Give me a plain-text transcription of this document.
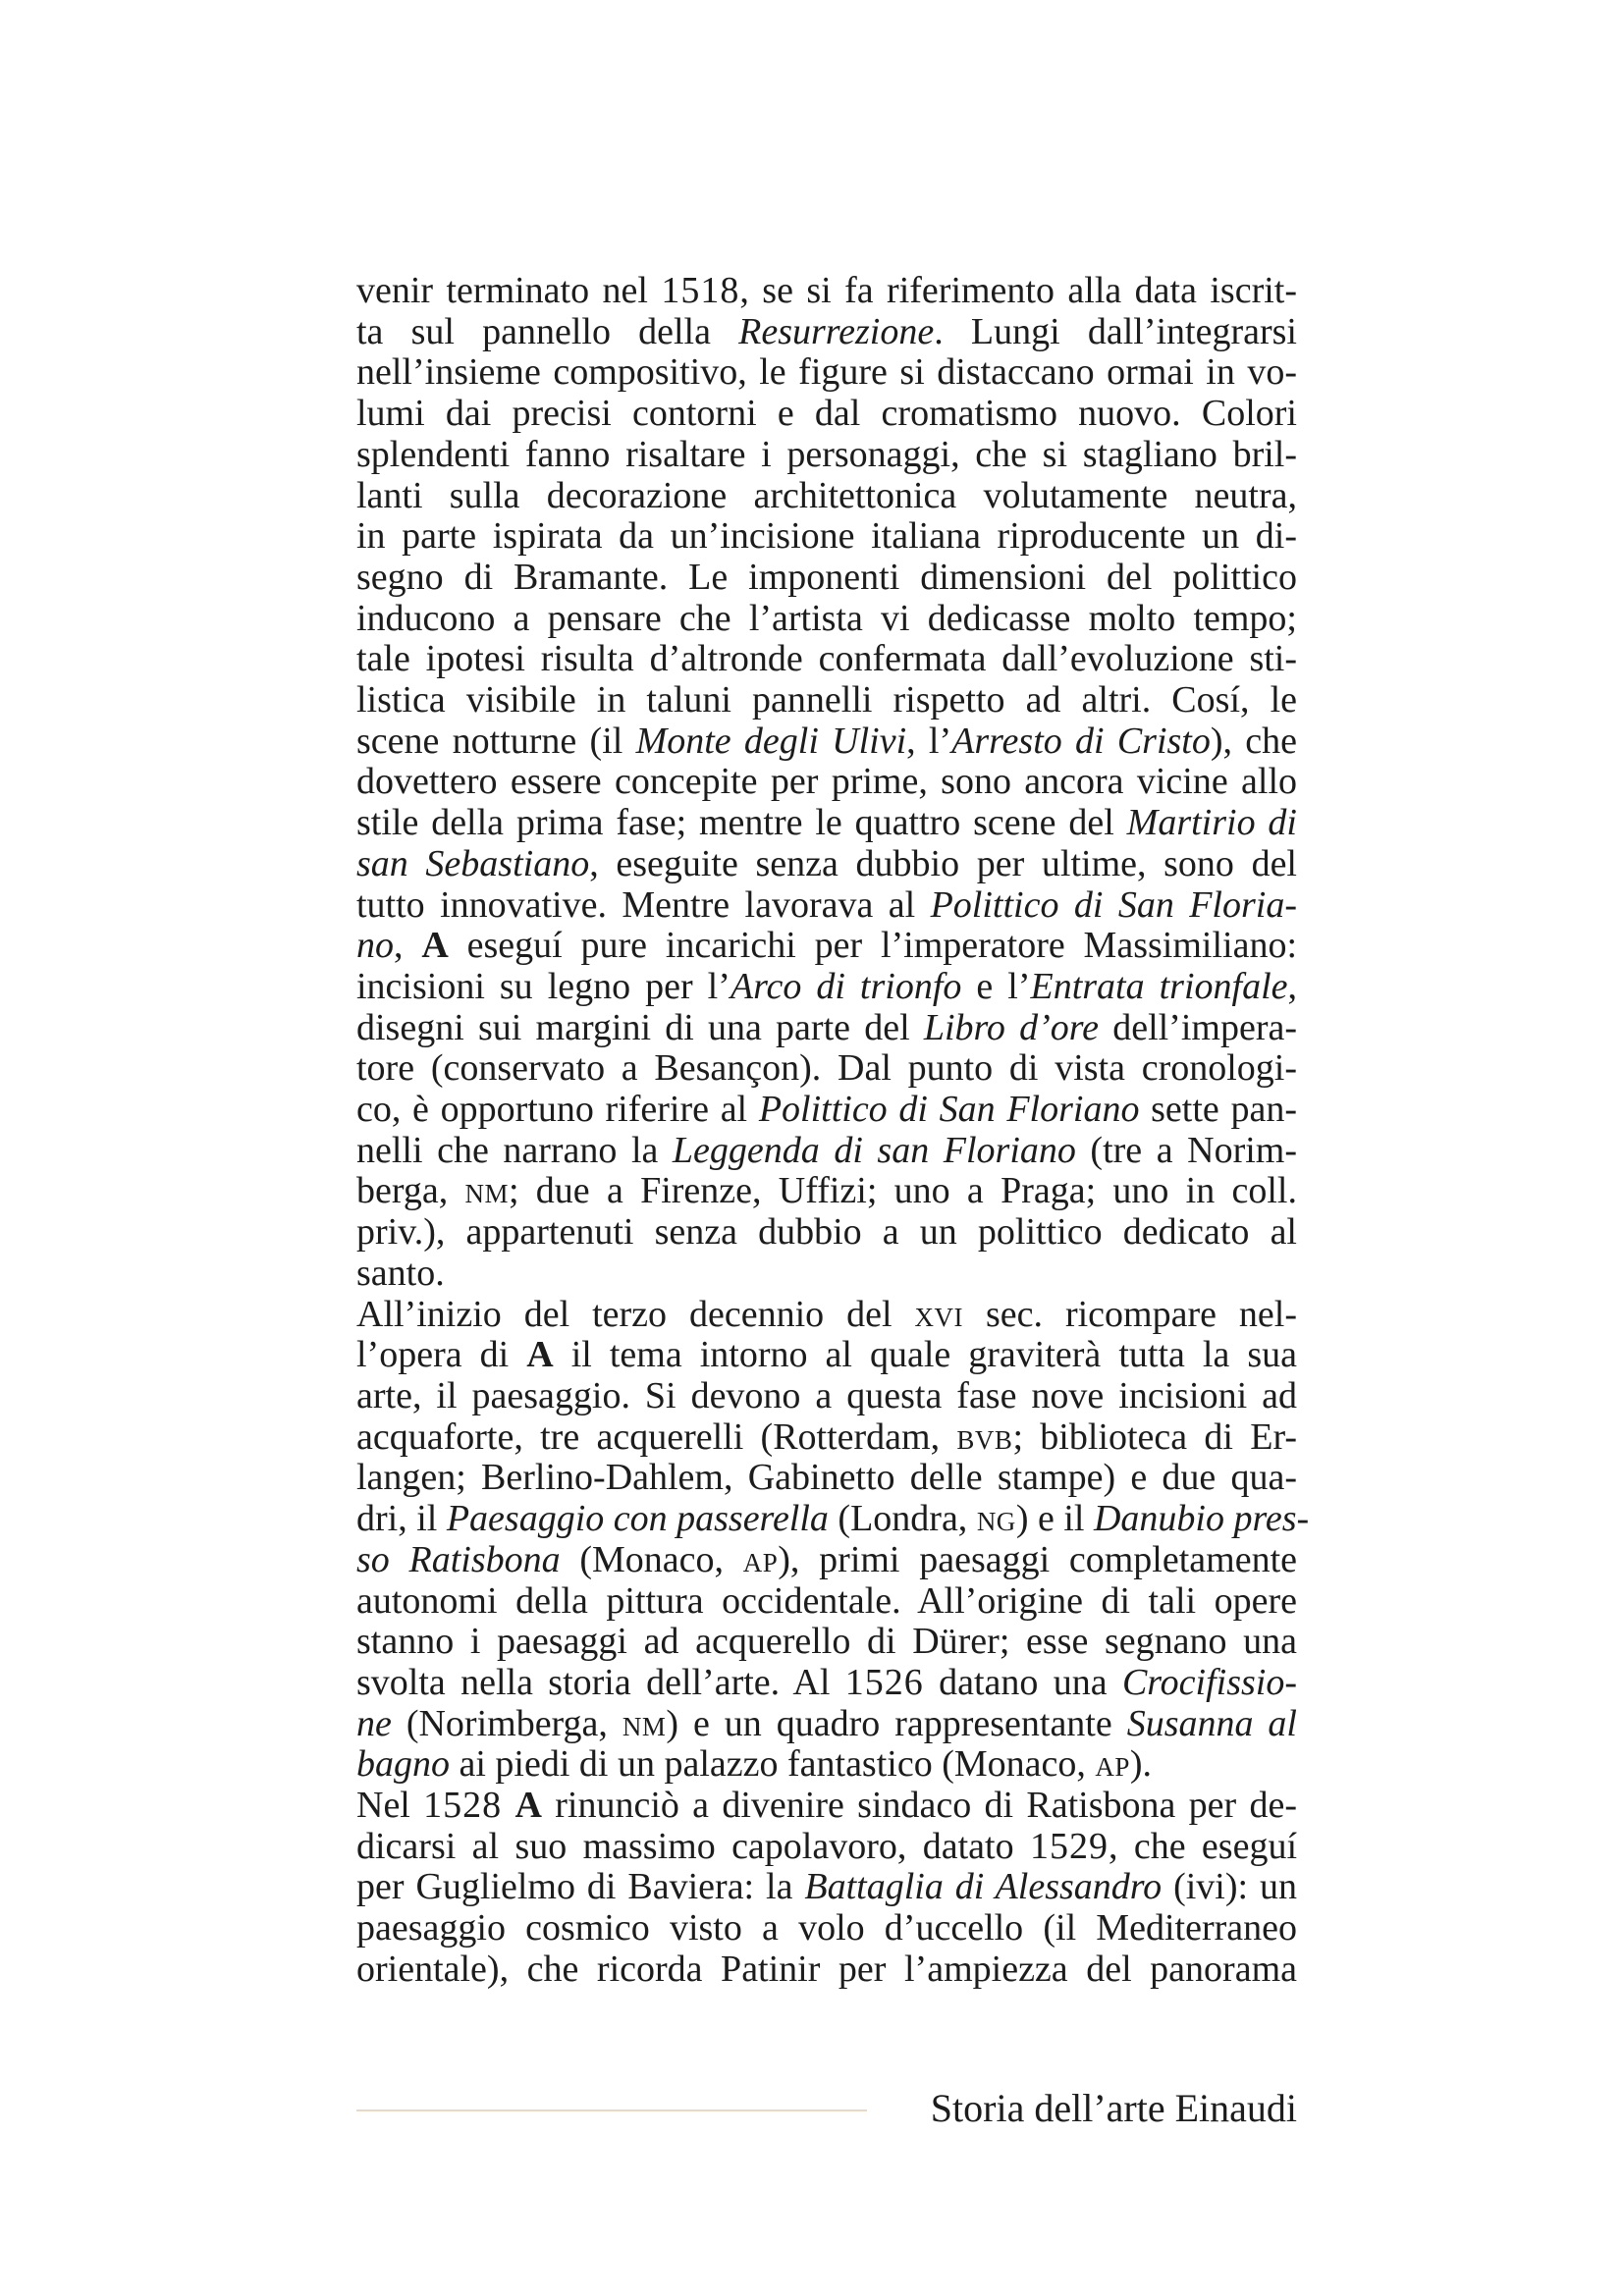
venir terminato nel 1518, se si fa riferimento alla data iscrit-
ta sul pannello della Resurrezione. Lungi dall’integrarsi
nell’insieme compositivo, le figure si distaccano ormai in vo-
lumi dai precisi contorni e dal cromatismo nuovo. Colori
splendenti fanno risaltare i personaggi, che si stagliano bril-
lanti sulla decorazione architettonica volutamente neutra,
in parte ispirata da un’incisione italiana riproducente un di-
segno di Bramante. Le imponenti dimensioni del polittico
inducono a pensare che l’artista vi dedicasse molto tempo;
tale ipotesi risulta d’altronde confermata dall’evoluzione sti-
listica visibile in taluni pannelli rispetto ad altri. Cosí, le
scene notturne (il Monte degli Ulivi, l’Arresto di Cristo), che
dovettero essere concepite per prime, sono ancora vicine allo
stile della prima fase; mentre le quattro scene del Martirio di
san Sebastiano, eseguite senza dubbio per ultime, sono del
tutto innovative. Mentre lavorava al Polittico di San Floria-
no, A eseguí pure incarichi per l’imperatore Massimiliano:
incisioni su legno per l’Arco di trionfo e l’Entrata trionfale,
disegni sui margini di una parte del Libro d’ore dell’impera-
tore (conservato a Besançon). Dal punto di vista cronologi-
co, è opportuno riferire al Polittico di San Floriano sette pan-
nelli che narrano la Leggenda di san Floriano (tre a Norim-
berga, nm; due a Firenze, Uffizi; uno a Praga; uno in coll.
priv.), appartenuti senza dubbio a un polittico dedicato al
santo.

All’inizio del terzo decennio del xvi sec. ricompare nel-
l’opera di A il tema intorno al quale graviterà tutta la sua
arte, il paesaggio. Si devono a questa fase nove incisioni ad
acquaforte, tre acquerelli (Rotterdam, bvb; biblioteca di Er-
langen; Berlino-Dahlem, Gabinetto delle stampe) e due qua-
dri, il Paesaggio con passerella (Londra, ng) e il Danubio pres-
so Ratisbona (Monaco, ap), primi paesaggi completamente
autonomi della pittura occidentale. All’origine di tali opere
stanno i paesaggi ad acquerello di Dürer; esse segnano una
svolta nella storia dell’arte. Al 1526 datano una Crocifissio-
ne (Norimberga, nm) e un quadro rappresentante Susanna al
bagno ai piedi di un palazzo fantastico (Monaco, ap).

Nel 1528 A rinunciò a divenire sindaco di Ratisbona per de-
dicarsi al suo massimo capolavoro, datato 1529, che eseguí
per Guglielmo di Baviera: la Battaglia di Alessandro (ivi): un
paesaggio cosmico visto a volo d’uccello (il Mediterraneo
orientale), che ricorda Patinir per l’ampiezza del panorama

Storia dell’arte Einaudi
